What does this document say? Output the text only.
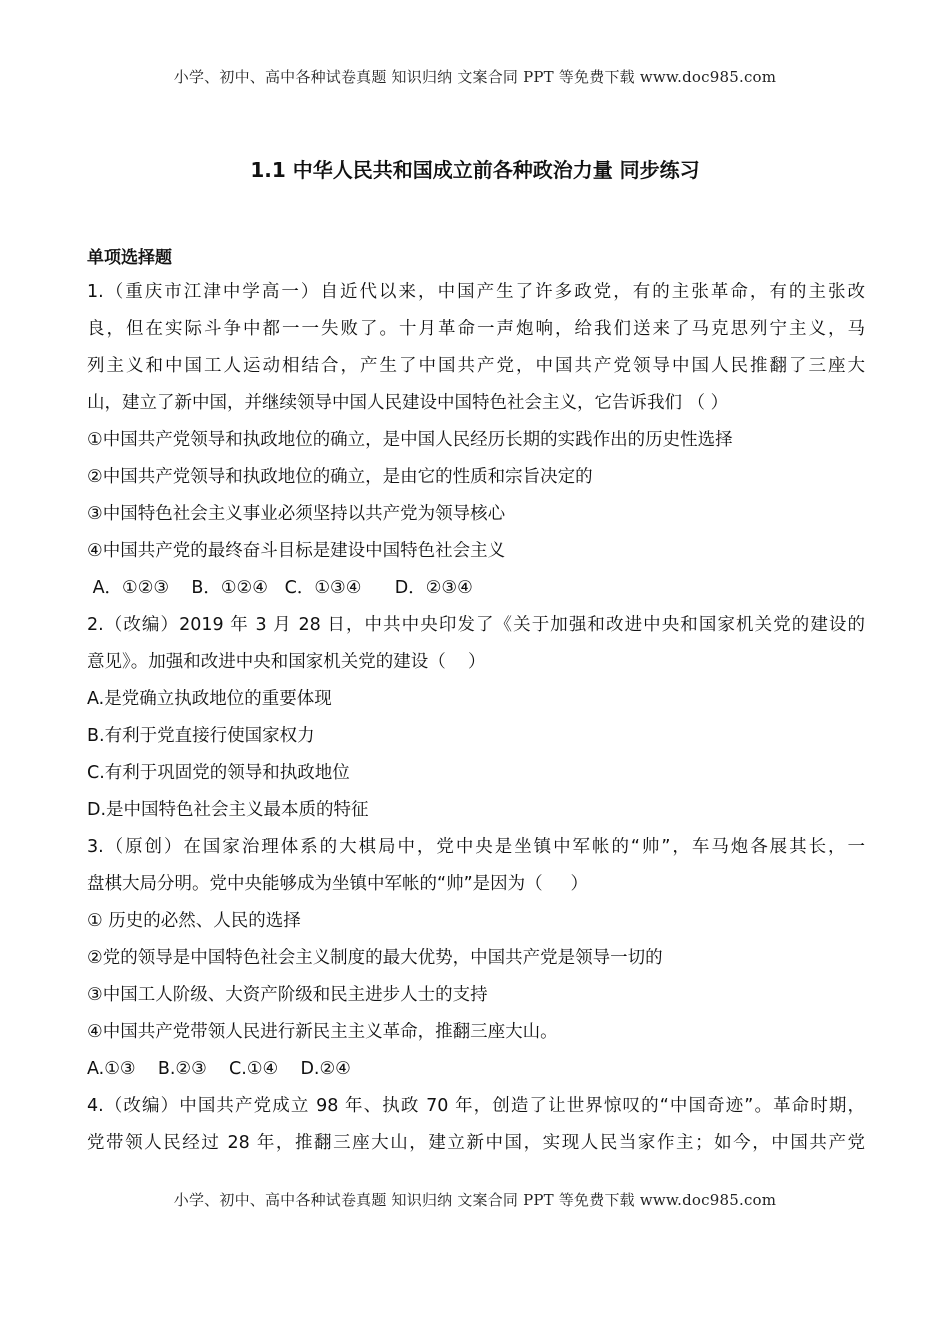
小学、初中、高中各种试卷真题 知识归纳 文案合同 PPT 等免费下载 www.doc985.com
1.1 中华人民共和国成立前各种政治力量 同步练习
单项选择题
1.（重庆市江津中学高一）自近代以来，中国产生了许多政党，有的主张革命，有的主张改
良，但在实际斗争中都一一失败了。十月革命一声炮响，给我们送来了马克思列宁主义，马
列主义和中国工人运动相结合，产生了中国共产党，中国共产党领导中国人民推翻了三座大
山，建立了新中国，并继续领导中国人民建设中国特色社会主义，它告诉我们 （ ）
①中国共产党领导和执政地位的确立，是中国人民经历长期的实践作出的历史性选择
②中国共产党领导和执政地位的确立，是由它的性质和宗旨决定的
③中国特色社会主义事业必须坚持以共产党为领导核心
④中国共产党的最终奋斗目标是建设中国特色社会主义
A．①②③    B．①②④   C．①③④      D．②③④
2.（改编）2019 年 3 月 28 日，中共中央印发了《关于加强和改进中央和国家机关党的建设的
意见》。加强和改进中央和国家机关党的建设（    ）
A.是党确立执政地位的重要体现
B.有利于党直接行使国家权力
C.有利于巩固党的领导和执政地位
D.是中国特色社会主义最本质的特征
3.（原创）在国家治理体系的大棋局中，党中央是坐镇中军帐的“帅”，车马炮各展其长，一
盘棋大局分明。党中央能够成为坐镇中军帐的“帅”是因为（     ）
① 历史的必然、人民的选择
②党的领导是中国特色社会主义制度的最大优势，中国共产党是领导一切的
③中国工人阶级、大资产阶级和民主进步人士的支持
④中国共产党带领人民进行新民主主义革命，推翻三座大山。
A.①③    B.②③    C.①④    D.②④
4.（改编）中国共产党成立 98 年、执政 70 年，创造了让世界惊叹的“中国奇迹”。革命时期，
党带领人民经过 28 年，推翻三座大山，建立新中国，实现人民当家作主；如今，中国共产党
小学、初中、高中各种试卷真题 知识归纳 文案合同 PPT 等免费下载 www.doc985.com
